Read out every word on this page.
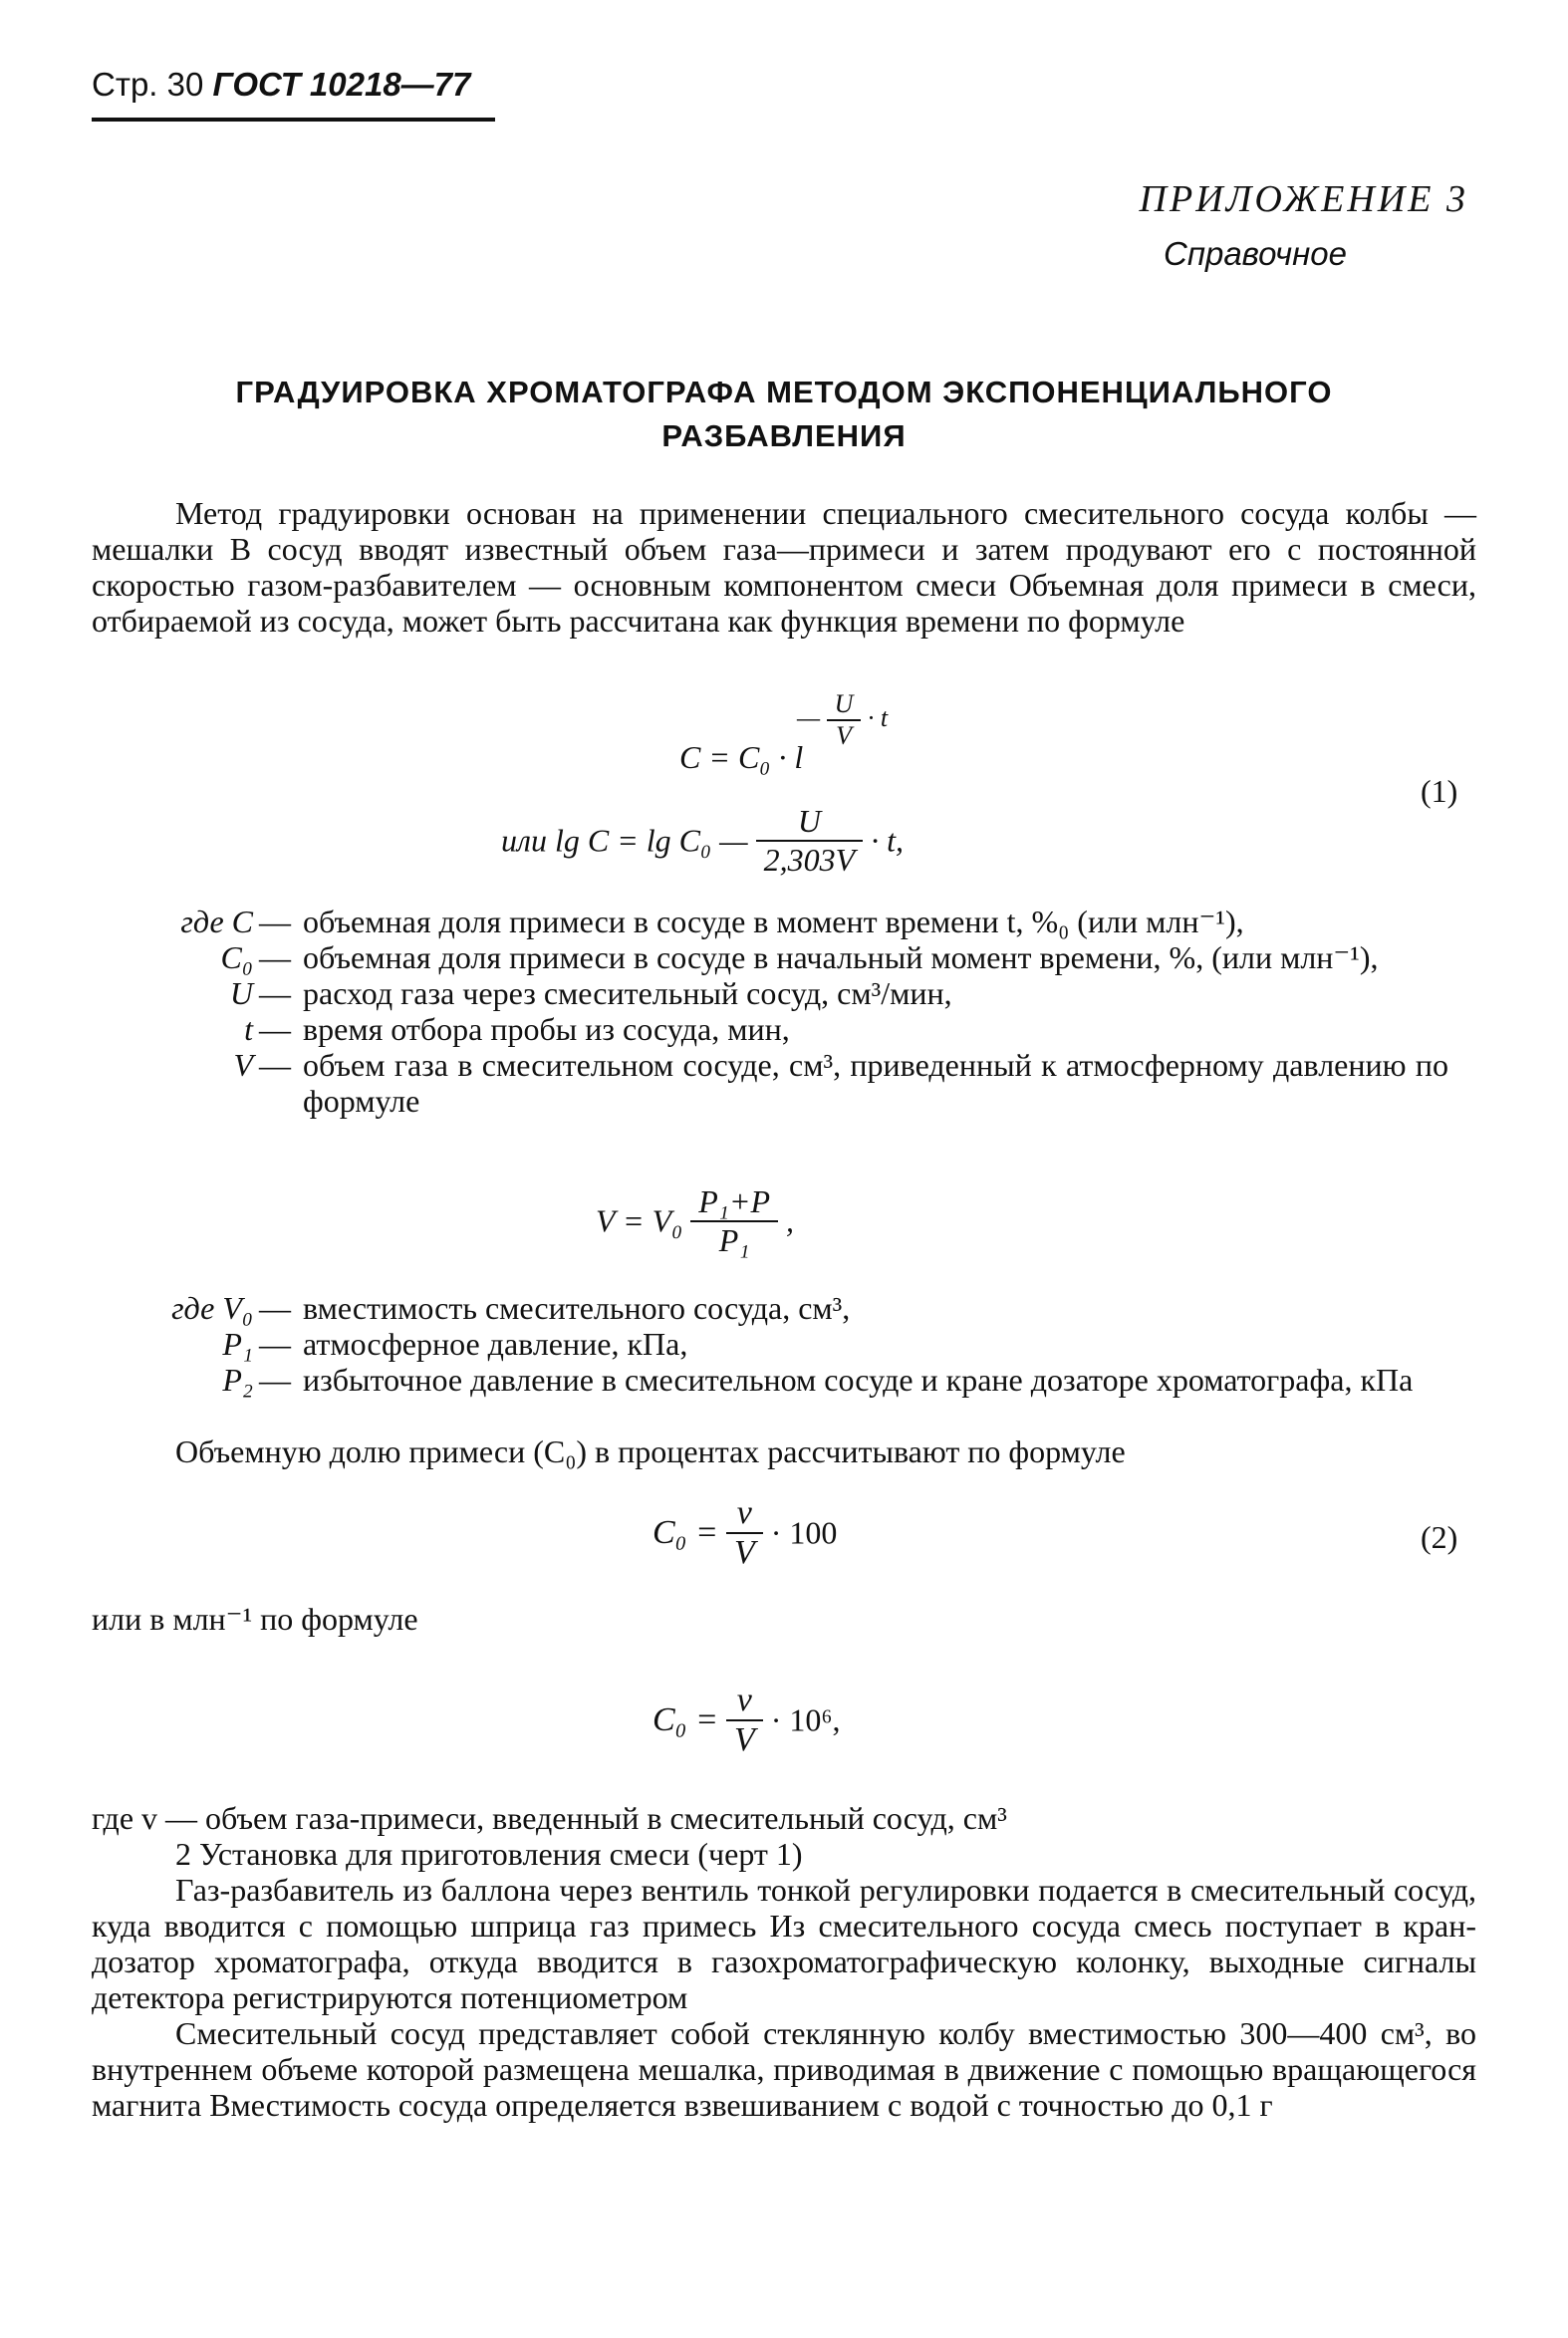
Стр. 30 ГОСТ 10218—77
ПРИЛОЖЕНИЕ 3
Справочное
ГРАДУИРОВКА ХРОМАТОГРАФА МЕТОДОМ ЭКСПОНЕНЦИАЛЬНОГО
РАЗБАВЛЕНИЯ
Метод градуировки основан на применении специального смесительного сосуда колбы — мешалки В сосуд вводят известный объем газа—примеси и затем продувают его с постоянной скоростью газом-разбавителем — основным компонентом смеси Объемная доля примеси в смеси, отбираемой из сосуда, может быть рассчитана как функция времени по формуле
C = C₀ · l
— $\frac{U}{V} \cdot t$
(1)
или lg C = lg C₀ — $\frac{U}{2,303V} \cdot t$,
где C — объемная доля примеси в сосуде в момент времени t, %₀ (или млн⁻¹),
C₀ — объемная доля примеси в сосуде в начальный момент времени, %, (или млн⁻¹),
U — расход газа через смесительный сосуд, см³/мин,
t — время отбора пробы из сосуда, мин,
V — объем газа в смесительном сосуде, см³, приведенный к атмосферному давлению по формуле
$V = V_0 \frac{\text{P₁+P}}{\text{P₁}}$ ,
где V₀ — вместимость смесительного сосуда, см³,
P₁ — атмосферное давление, кПа,
P₂ — избыточное давление в смесительном сосуде и кране дозаторе хроматографа, кПа
Объемную долю примеси (C₀) в процентах рассчитывают по формуле
$C_0 = \frac{v}{V} \cdot 100$	(2)
или в млн⁻¹ по формуле
$C_0 = \frac{v}{V} \cdot 10^6$,
где v — объем газа-примеси, введенный в смесительный сосуд, см³
2 Установка для приготовления смеси (черт 1)
Газ-разбавитель из баллона через вентиль тонкой регулировки подается в смесительный сосуд, куда вводится с помощью шприца газ примесь Из смесительного сосуда смесь поступает в кран-дозатор хроматографа, откуда вводится в газохроматографическую колонку, выходные сигналы детектора регистрируются потенциометром
Смесительный сосуд представляет собой стеклянную колбу вместимостью 300—400 см³, во внутреннем объеме которой размещена мешалка, приводимая в движение с помощью вращающегося магнита Вместимость сосуда определяется взвешиванием с водой с точностью до 0,1 г
